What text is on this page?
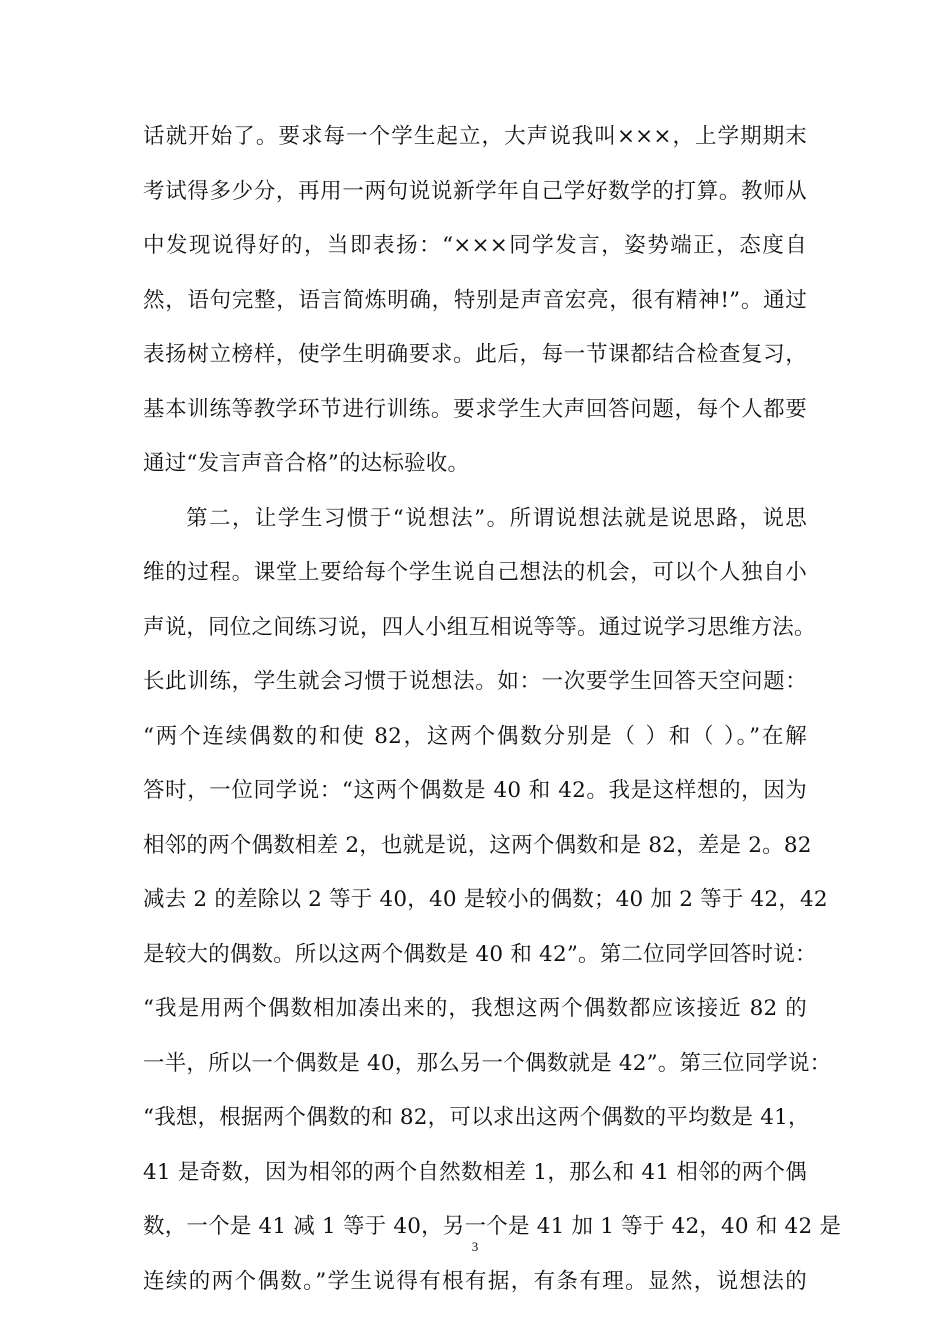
话就开始了。要求每一个学生起立，大声说我叫×××，上学期期末
考试得多少分，再用一两句说说新学年自己学好数学的打算。教师从
中发现说得好的，当即表扬：“×××同学发言，姿势端正，态度自
然，语句完整，语言简炼明确，特别是声音宏亮，很有精神!”。通过
表扬树立榜样，使学生明确要求。此后，每一节课都结合检查复习，
基本训练等教学环节进行训练。要求学生大声回答问题，每个人都要
通过“发言声音合格”的达标验收。
第二，让学生习惯于“说想法”。所谓说想法就是说思路，说思
维的过程。课堂上要给每个学生说自己想法的机会，可以个人独自小
声说，同位之间练习说，四人小组互相说等等。通过说学习思维方法。
长此训练，学生就会习惯于说想法。如：一次要学生回答天空问题：
“两个连续偶数的和使 82，这两个偶数分别是（ ）和（ ）。”在解
答时，一位同学说：“这两个偶数是 40 和 42。我是这样想的，因为
相邻的两个偶数相差 2，也就是说，这两个偶数和是 82，差是 2。82
减去 2 的差除以 2 等于 40，40 是较小的偶数；40 加 2 等于 42，42
是较大的偶数。所以这两个偶数是 40 和 42”。第二位同学回答时说：
“我是用两个偶数相加凑出来的，我想这两个偶数都应该接近 82 的
一半，所以一个偶数是 40，那么另一个偶数就是 42”。第三位同学说：
“我想，根据两个偶数的和 82，可以求出这两个偶数的平均数是 41，
41 是奇数，因为相邻的两个自然数相差 1，那么和 41 相邻的两个偶
数，一个是 41 减 1 等于 40，另一个是 41 加 1 等于 42，40 和 42 是
连续的两个偶数。”学生说得有根有据，有条有理。显然，说想法的
3
